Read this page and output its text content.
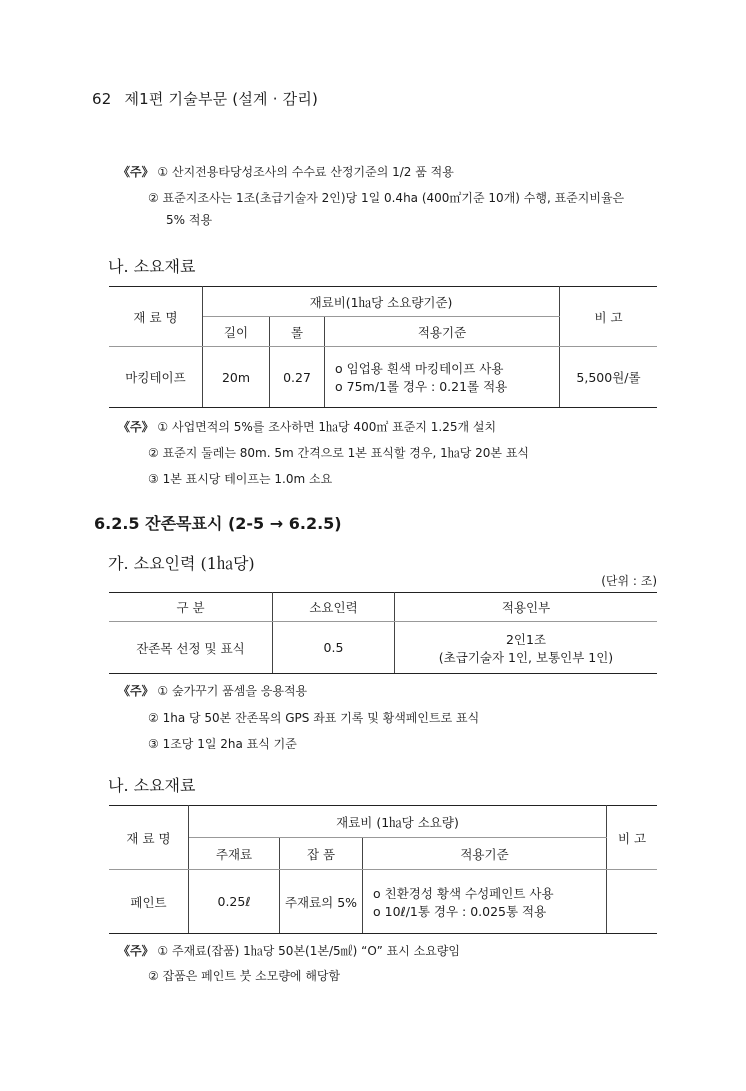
62 제1편 기술부문 (설계 · 감리)
《주》 ① 산지전용타당성조사의 수수료 산정기준의 1/2 품 적용
② 표준지조사는 1조(초급기술자 2인)당 1일 0.4ha (400㎡기준 10개) 수행, 표준지비율은
5% 적용
나. 소요재료
재 료 명	재료비(1㏊당 소요량기준)			비 고
	길이	롤	적용기준	
마킹테이프	20m	0.27	o 임업용 흰색 마킹테이프 사용
o 75m/1롤 경우 : 0.21롤 적용	5,500원/롤
《주》 ① 사업면적의 5%를 조사하면 1㏊당 400㎡ 표준지 1.25개 설치
② 표준지 둘레는 80m. 5m 간격으로 1본 표식할 경우, 1㏊당 20본 표식
③ 1본 표시당 테이프는 1.0m 소요
6.2.5 잔존목표시 (2-5 → 6.2.5)
가. 소요인력 (1㏊당)
(단위 : 조)
구 분	소요인력	적용인부
잔존목 선정 및 표식	0.5	2인1조
(초급기술자 1인, 보통인부 1인)
《주》 ① 숲가꾸기 품셈을 응용적용
② 1ha 당 50본 잔존목의 GPS 좌표 기록 및 황색페인트로 표식
③ 1조당 1일 2ha 표식 기준
나. 소요재료
재 료 명	재료비 (1㏊당 소요량)			비 고
	주재료	잡 품	적용기준	
페인트	0.25ℓ	주재료의 5%	o 친환경성 황색 수성페인트 사용
o 10ℓ/1통 경우 : 0.025통 적용	

《주》 ① 주재료(잡품) 1㏊당 50본(1본/5㎖) “O” 표시 소요량임
② 잡품은 페인트 붓 소모량에 해당함
